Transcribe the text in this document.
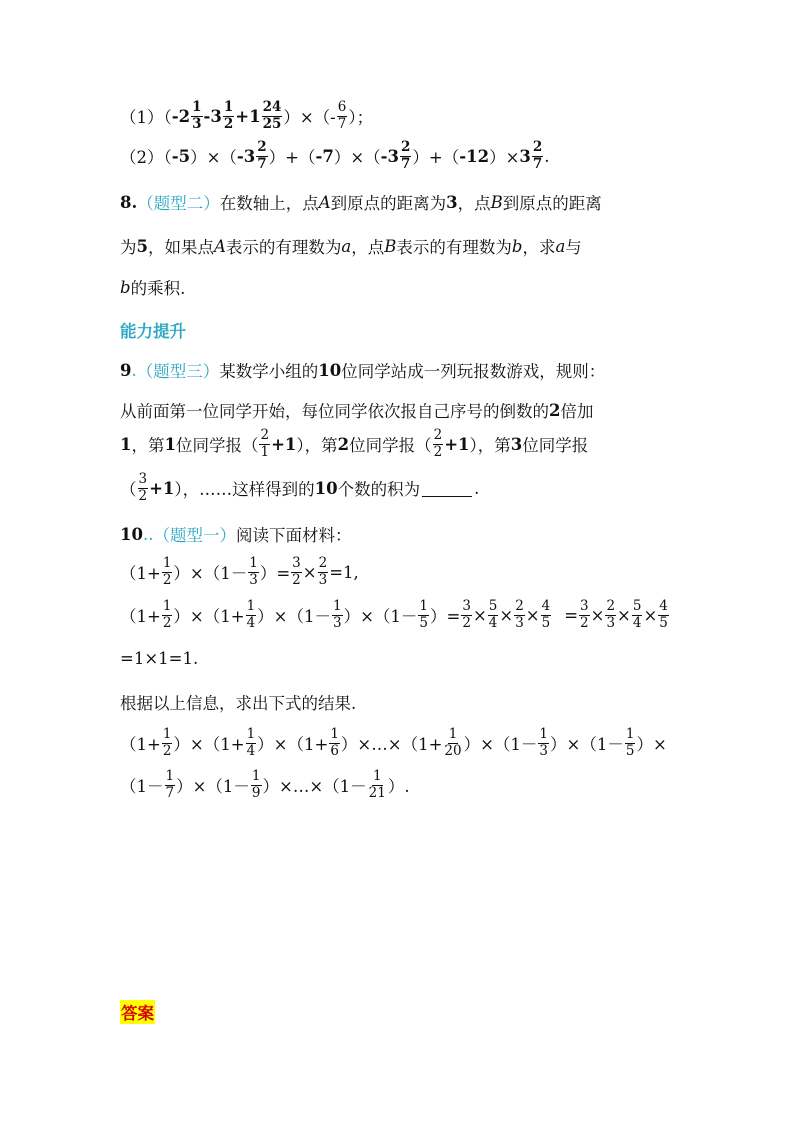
（1）（ $-2 \frac{1}{3} -3 \frac{1}{2} +1 \frac{24}{25}$ ）×（- $\frac{6}{7}$ ）；
（2）（ -5 ）×（ $-3 \frac{2}{7}$ ）+（ -7 ）×（ $-3 \frac{2}{7}$ ）+（ -12 ）× $3 \frac{2}{7}$ .
8. （题型二） 在数轴上，点 A 到原点的距离为 3 ，点 B 到原点的距离
为 5 ，如果点 A 表示的有理数为 a ，点 B 表示的有理数为 b ，求 a 与
b 的乘积.
能力提升
9 . （题型三） 某数学小组的 10 位同学站成一列玩报数游戏，规则：
从前面第一位同学开始，每位同学依次报自己序号的倒数的 2 倍加
1 ，第 1 位同学报（ $\frac{2}{1} +1$ ），第 2 位同学报（ $\frac{2}{2} +1$ ），第 3 位同学报
（ $\frac{3}{2} +1$ ），……这样得到的 10 个数的积为	.
10 .. （题型一） 阅读下面材料：
$(1+ \frac{1}{2} )\times(1- \frac{1}{3}$ ）= $\frac{3}{2} \times \frac{2}{3} =1$,
$(1+ \frac{1}{2} )\times(1+ \frac{1}{4} )\times(1- \frac{1}{3} )\times(1- \frac{1}{5}$ ）= $\frac{3}{2} \times \frac{5}{4} \times \frac{2}{3} \times \frac{4}{5} = \frac{3}{2} \times \frac{2}{3} \times \frac{5}{4} \times \frac{4}{5}$
=1×1=1.
根据以上信息，求出下式的结果.
$(1+ \frac{1}{2} )\times(1+ \frac{1}{4} )\times(1+ \frac{1}{6}$ ）×…×（1+ $\frac{1}{20} )\times(1- \frac{1}{3} )\times(1- \frac{1}{5}$ ）×
$(1- \frac{1}{7} )\times(1- \frac{1}{9}$ ）×…×（1－ $\frac{1}{21}$ ）.
答案
